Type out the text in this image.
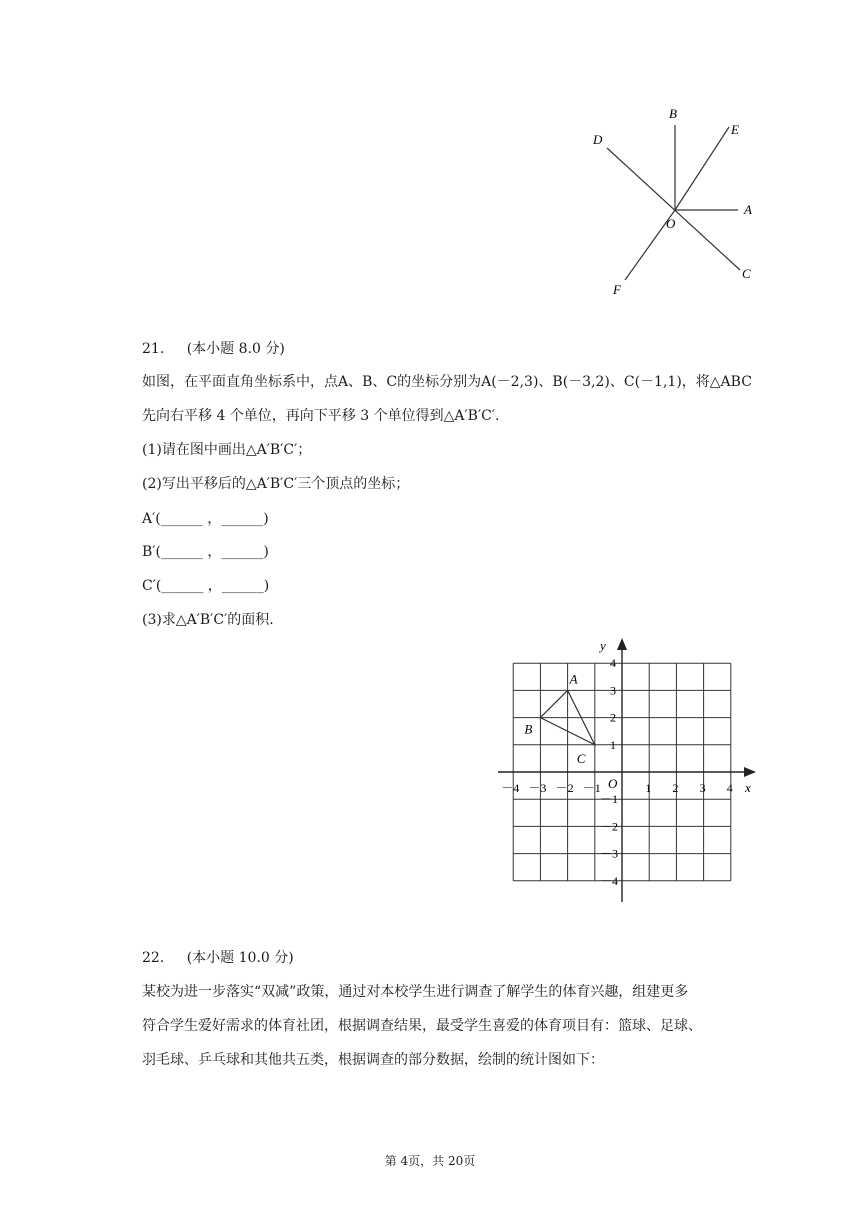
B
E
D
A
O
C
F
21. (本小题 8.0 分)
如图，在平面直角坐标系中，点A、B、C的坐标分别为A(－2,3)、B(－3,2)、C(－1,1)，将△ABC
先向右平移 4 个单位，再向下平移 3 个单位得到△A′B′C′.
(1)请在图中画出△A′B′C′；
(2)写出平移后的△A′B′C′三个顶点的坐标；
A′(______ ，______)
B′(______ ，______)
C′(______ ，______)
(3)求△A′B′C′的面积.
x
y
O
－4 －3 －2 －1	1 2 3 4
4
3
2
1
－1
－2
－3
－4
A
B
C
22. (本小题 10.0 分)
某校为进一步落实“双减”政策，通过对本校学生进行调查了解学生的体育兴趣，组建更多
符合学生爱好需求的体育社团，根据调查结果，最受学生喜爱的体育项目有：篮球、足球、
羽毛球、乒乓球和其他共五类，根据调查的部分数据，绘制的统计图如下：
第 4页，共 20页
